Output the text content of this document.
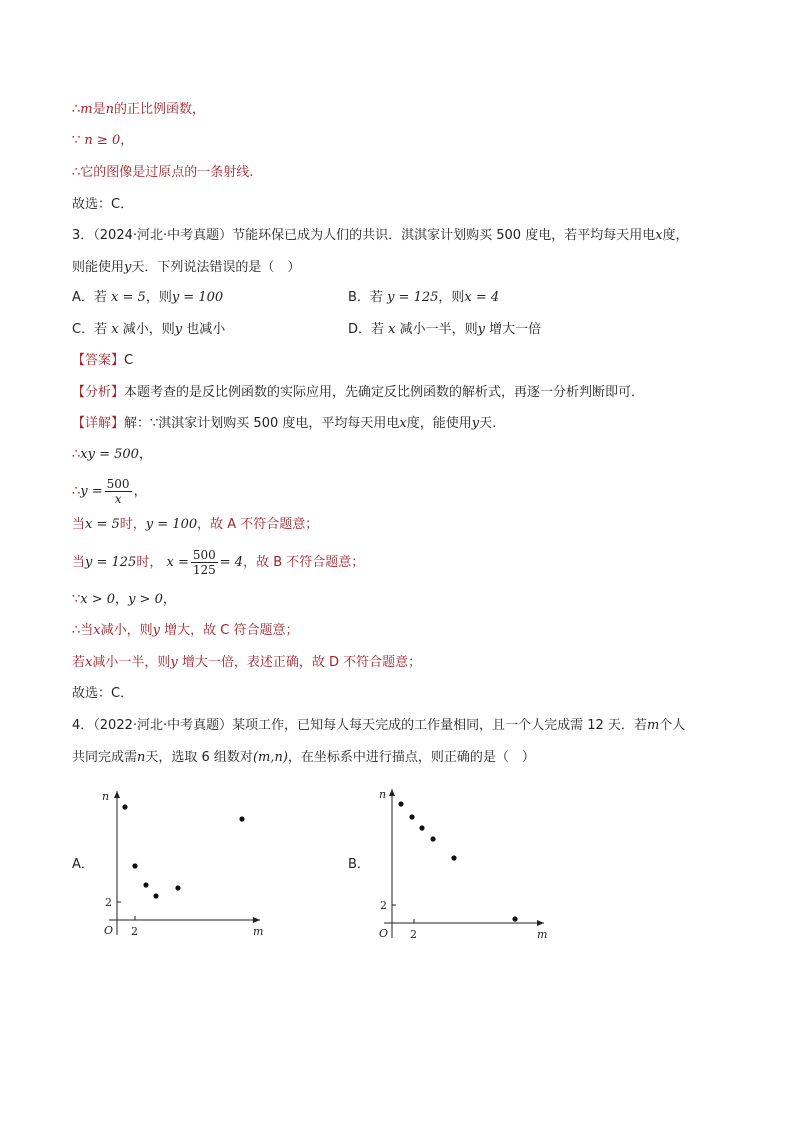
∴m是n的正比例函数，
∵ n ≥ 0，
∴它的图像是过原点的一条射线.
故选：C．
3．（2024·河北·中考真题）节能环保已成为人们的共识．淇淇家计划购买 500 度电，若平均每天用电x度，
则能使用y天．下列说法错误的是（　）
A．若 x = 5，则y = 100	B．若 y = 125，则x = 4
C．若 x 减小，则y 也减小	D．若 x 减小一半，则y 增大一倍
【答案】C
【分析】本题考查的是反比例函数的实际应用，先确定反比例函数的解析式，再逐一分析判断即可．
【详解】解：∵淇淇家计划购买 500 度电，平均每天用电x度，能使用y天.
∴xy = 500，
∴y = $\frac{500}{x}$ ，
当x = 5时，y = 100，故 A 不符合题意；
当y = 125时， $x = \frac{500}{125} = 4$，故 B 不符合题意；
∵x > 0，y > 0，
∴当x减小，则y 增大，故 C 符合题意；
若x减小一半，则y 增大一倍，表述正确，故 D 不符合题意；
故选：C．
4．（2022·河北·中考真题）某项工作，已知每人每天完成的工作量相同，且一个人完成需 12 天．若m个人
共同完成需n天，选取 6 组数对(m,n)，在坐标系中进行描点，则正确的是（　）
A．
n
m
O 2
2
B．
n
m
O 2
2
